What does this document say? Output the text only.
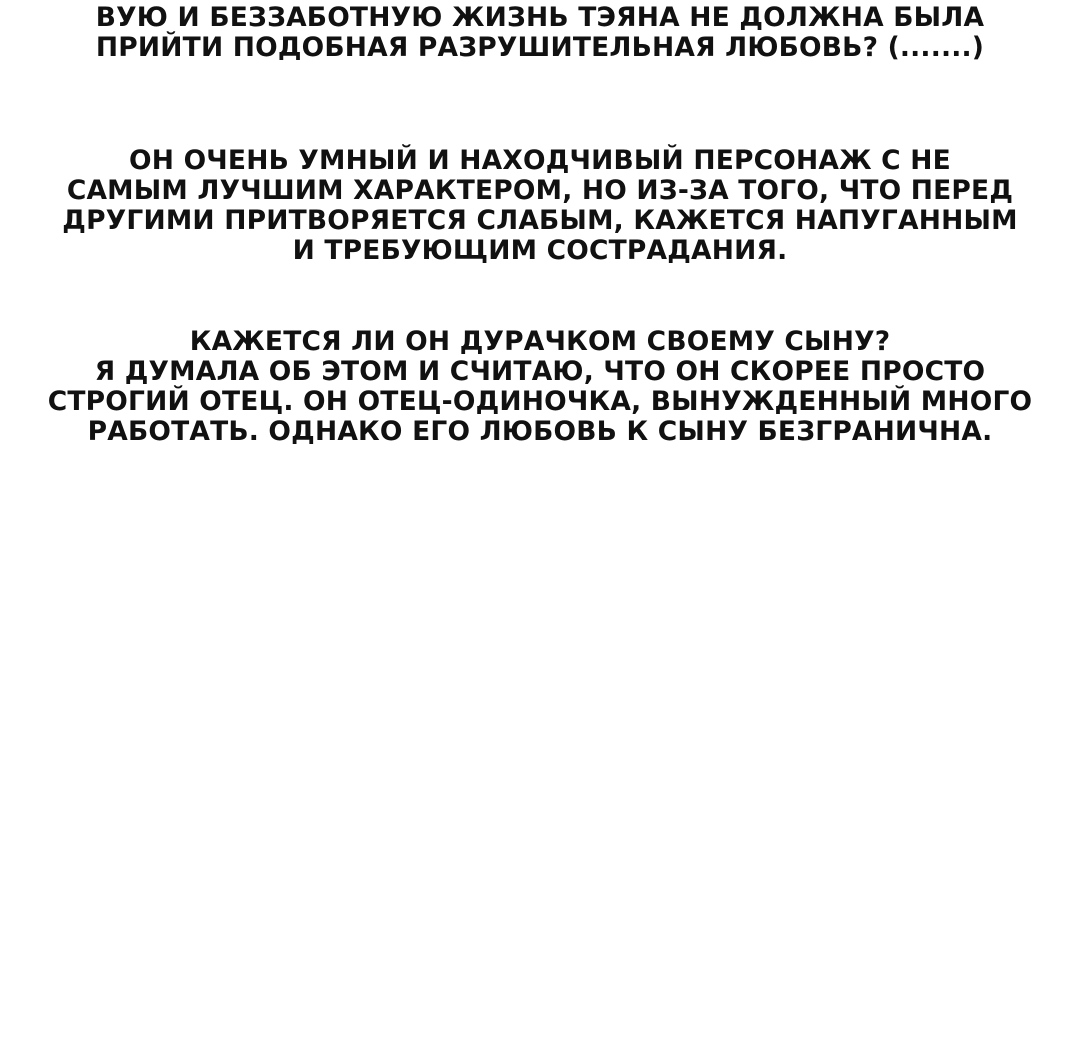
ВУЮ И БЕЗЗАБОТНУЮ ЖИЗНЬ ТЭЯНА НЕ ДОЛЖНА БЫЛА
ПРИЙТИ ПОДОБНАЯ РАЗРУШИТЕЛЬНАЯ ЛЮБОВЬ? (.......)

ОН ОЧЕНЬ УМНЫЙ И НАХОДЧИВЫЙ ПЕРСОНАЖ С НЕ
САМЫМ ЛУЧШИМ ХАРАКТЕРОМ, НО ИЗ-ЗА ТОГО, ЧТО ПЕРЕД
ДРУГИМИ ПРИТВОРЯЕТСЯ СЛАБЫМ, КАЖЕТСЯ НАПУГАННЫМ
И ТРЕБУЮЩИМ СОСТРАДАНИЯ.

КАЖЕТСЯ ЛИ ОН ДУРАЧКОМ СВОЕМУ СЫНУ?
Я ДУМАЛА ОБ ЭТОМ И СЧИТАЮ, ЧТО ОН СКОРЕЕ ПРОСТО
СТРОГИЙ ОТЕЦ. ОН ОТЕЦ-ОДИНОЧКА, ВЫНУЖДЕННЫЙ МНОГО
РАБОТАТЬ. ОДНАКО ЕГО ЛЮБОВЬ К СЫНУ БЕЗГРАНИЧНА.
